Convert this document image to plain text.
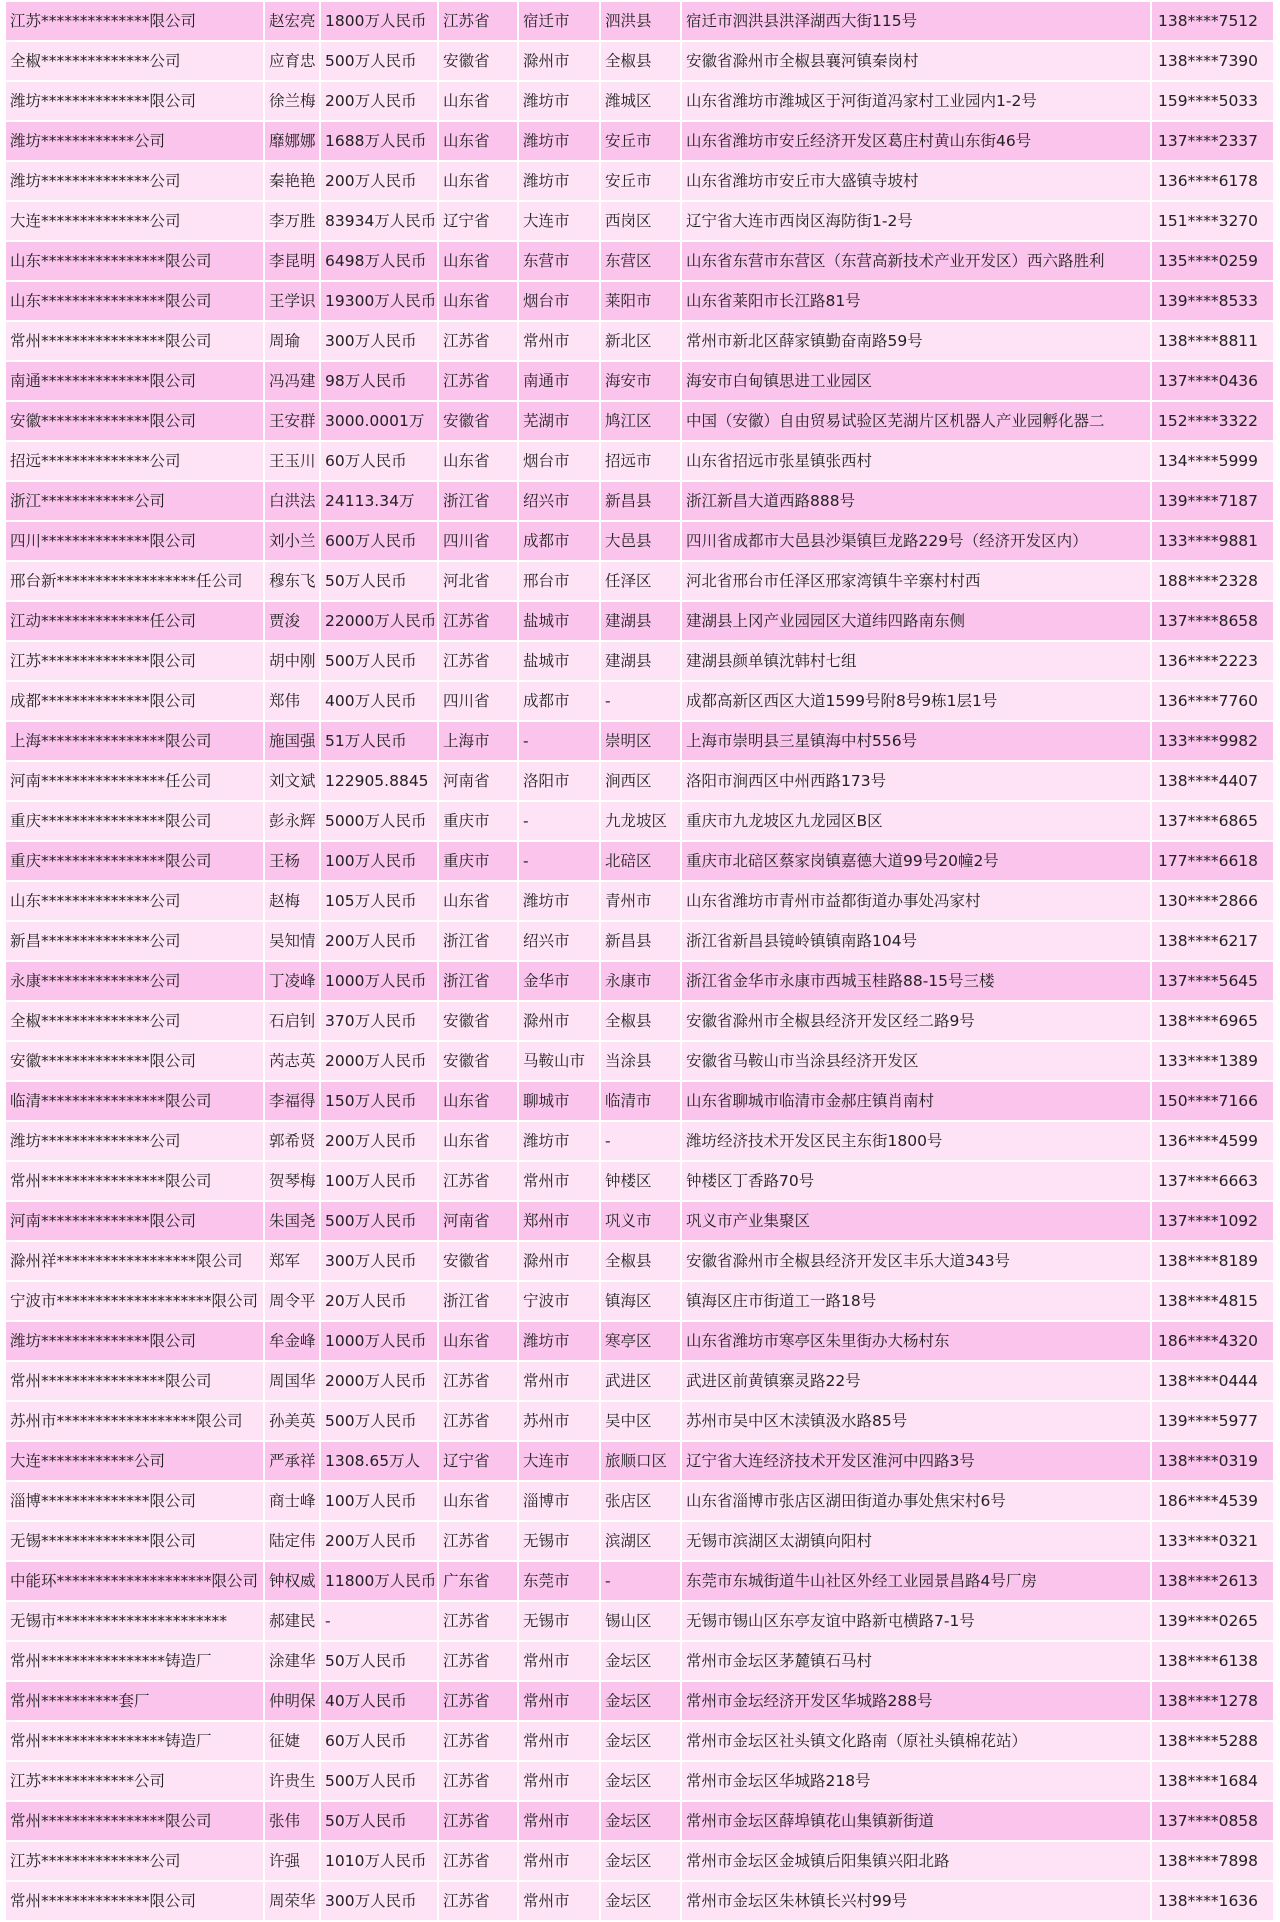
江苏**************限公司	赵宏亮	1800万人民币	江苏省	宿迁市	泗洪县	宿迁市泗洪县洪泽湖西大街115号	138****7512
全椒**************公司	应育忠	500万人民币	安徽省	滁州市	全椒县	安徽省滁州市全椒县襄河镇秦岗村	138****7390
潍坊**************限公司	徐兰梅	200万人民币	山东省	潍坊市	潍城区	山东省潍坊市潍城区于河街道冯家村工业园内1-2号	159****5033
潍坊************公司	靡娜娜	1688万人民币	山东省	潍坊市	安丘市	山东省潍坊市安丘经济开发区葛庄村黄山东街46号	137****2337
潍坊**************公司	秦艳艳	200万人民币	山东省	潍坊市	安丘市	山东省潍坊市安丘市大盛镇寺坡村	136****6178
大连**************公司	李万胜	83934万人民币	辽宁省	大连市	西岗区	辽宁省大连市西岗区海防街1-2号	151****3270
山东****************限公司	李昆明	6498万人民币	山东省	东营市	东营区	山东省东营市东营区（东营高新技术产业开发区）西六路胜利	135****0259
山东****************限公司	王学识	19300万人民币	山东省	烟台市	莱阳市	山东省莱阳市长江路81号	139****8533
常州****************限公司	周瑜	300万人民币	江苏省	常州市	新北区	常州市新北区薛家镇勤奋南路59号	138****8811
南通**************限公司	冯冯建	98万人民币	江苏省	南通市	海安市	海安市白甸镇思进工业园区	137****0436
安徽**************限公司	王安群	3000.0001万	安徽省	芜湖市	鸠江区	中国（安徽）自由贸易试验区芜湖片区机器人产业园孵化器二	152****3322
招远**************公司	王玉川	60万人民币	山东省	烟台市	招远市	山东省招远市张星镇张西村	134****5999
浙江************公司	白洪法	24113.34万	浙江省	绍兴市	新昌县	浙江新昌大道西路888号	139****7187
四川**************限公司	刘小兰	600万人民币	四川省	成都市	大邑县	四川省成都市大邑县沙渠镇巨龙路229号（经济开发区内）	133****9881
邢台新******************任公司	穆东飞	50万人民币	河北省	邢台市	任泽区	河北省邢台市任泽区邢家湾镇牛辛寨村村西	188****2328
江动**************任公司	贾浚	22000万人民币	江苏省	盐城市	建湖县	建湖县上冈产业园园区大道纬四路南东侧	137****8658
江苏**************限公司	胡中刚	500万人民币	江苏省	盐城市	建湖县	建湖县颜单镇沈韩村七组	136****2223
成都**************限公司	郑伟	400万人民币	四川省	成都市	-	成都高新区西区大道1599号附8号9栋1层1号	136****7760
上海****************限公司	施国强	51万人民币	上海市	-	崇明区	上海市崇明县三星镇海中村556号	133****9982
河南****************任公司	刘文斌	122905.8845	河南省	洛阳市	涧西区	洛阳市涧西区中州西路173号	138****4407
重庆****************限公司	彭永辉	5000万人民币	重庆市	-	九龙坡区	重庆市九龙坡区九龙园区B区	137****6865
重庆****************限公司	王杨	100万人民币	重庆市	-	北碚区	重庆市北碚区蔡家岗镇嘉德大道99号20幢2号	177****6618
山东**************公司	赵梅	105万人民币	山东省	潍坊市	青州市	山东省潍坊市青州市益都街道办事处冯家村	130****2866
新昌**************公司	吴知情	200万人民币	浙江省	绍兴市	新昌县	浙江省新昌县镜岭镇镇南路104号	138****6217
永康**************公司	丁凌峰	1000万人民币	浙江省	金华市	永康市	浙江省金华市永康市西城玉桂路88-15号三楼	137****5645
全椒**************公司	石启钊	370万人民币	安徽省	滁州市	全椒县	安徽省滁州市全椒县经济开发区经二路9号	138****6965
安徽**************限公司	芮志英	2000万人民币	安徽省	马鞍山市	当涂县	安徽省马鞍山市当涂县经济开发区	133****1389
临清****************限公司	李福得	150万人民币	山东省	聊城市	临清市	山东省聊城市临清市金郝庄镇肖南村	150****7166
潍坊**************公司	郭希贤	200万人民币	山东省	潍坊市	-	潍坊经济技术开发区民主东街1800号	136****4599
常州****************限公司	贺琴梅	100万人民币	江苏省	常州市	钟楼区	钟楼区丁香路70号	137****6663
河南**************限公司	朱国尧	500万人民币	河南省	郑州市	巩义市	巩义市产业集聚区	137****1092
滁州祥******************限公司	郑军	300万人民币	安徽省	滁州市	全椒县	安徽省滁州市全椒县经济开发区丰乐大道343号	138****8189
宁波市********************限公司	周令平	20万人民币	浙江省	宁波市	镇海区	镇海区庄市街道工一路18号	138****4815
潍坊**************限公司	牟金峰	1000万人民币	山东省	潍坊市	寒亭区	山东省潍坊市寒亭区朱里街办大杨村东	186****4320
常州****************限公司	周国华	2000万人民币	江苏省	常州市	武进区	武进区前黄镇寨灵路22号	138****0444
苏州市******************限公司	孙美英	500万人民币	江苏省	苏州市	吴中区	苏州市吴中区木渎镇汲水路85号	139****5977
大连************公司	严承祥	1308.65万人	辽宁省	大连市	旅顺口区	辽宁省大连经济技术开发区淮河中四路3号	138****0319
淄博**************限公司	商士峰	100万人民币	山东省	淄博市	张店区	山东省淄博市张店区湖田街道办事处焦宋村6号	186****4539
无锡**************限公司	陆定伟	200万人民币	江苏省	无锡市	滨湖区	无锡市滨湖区太湖镇向阳村	133****0321
中能环********************限公司	钟权威	11800万人民币	广东省	东莞市	-	东莞市东城街道牛山社区外经工业园景昌路4号厂房	138****2613
无锡市**********************	郝建民	-	江苏省	无锡市	锡山区	无锡市锡山区东亭友谊中路新屯横路7-1号	139****0265
常州****************铸造厂	涂建华	50万人民币	江苏省	常州市	金坛区	常州市金坛区茅麓镇石马村	138****6138
常州**********套厂	仲明保	40万人民币	江苏省	常州市	金坛区	常州市金坛经济开发区华城路288号	138****1278
常州****************铸造厂	征婕	60万人民币	江苏省	常州市	金坛区	常州市金坛区社头镇文化路南（原社头镇棉花站）	138****5288
江苏************公司	许贵生	500万人民币	江苏省	常州市	金坛区	常州市金坛区华城路218号	138****1684
常州****************限公司	张伟	50万人民币	江苏省	常州市	金坛区	常州市金坛区薛埠镇花山集镇新街道	137****0858
江苏**************公司	许强	1010万人民币	江苏省	常州市	金坛区	常州市金坛区金城镇后阳集镇兴阳北路	138****7898
常州**************限公司	周荣华	300万人民币	江苏省	常州市	金坛区	常州市金坛区朱林镇长兴村99号	138****1636
